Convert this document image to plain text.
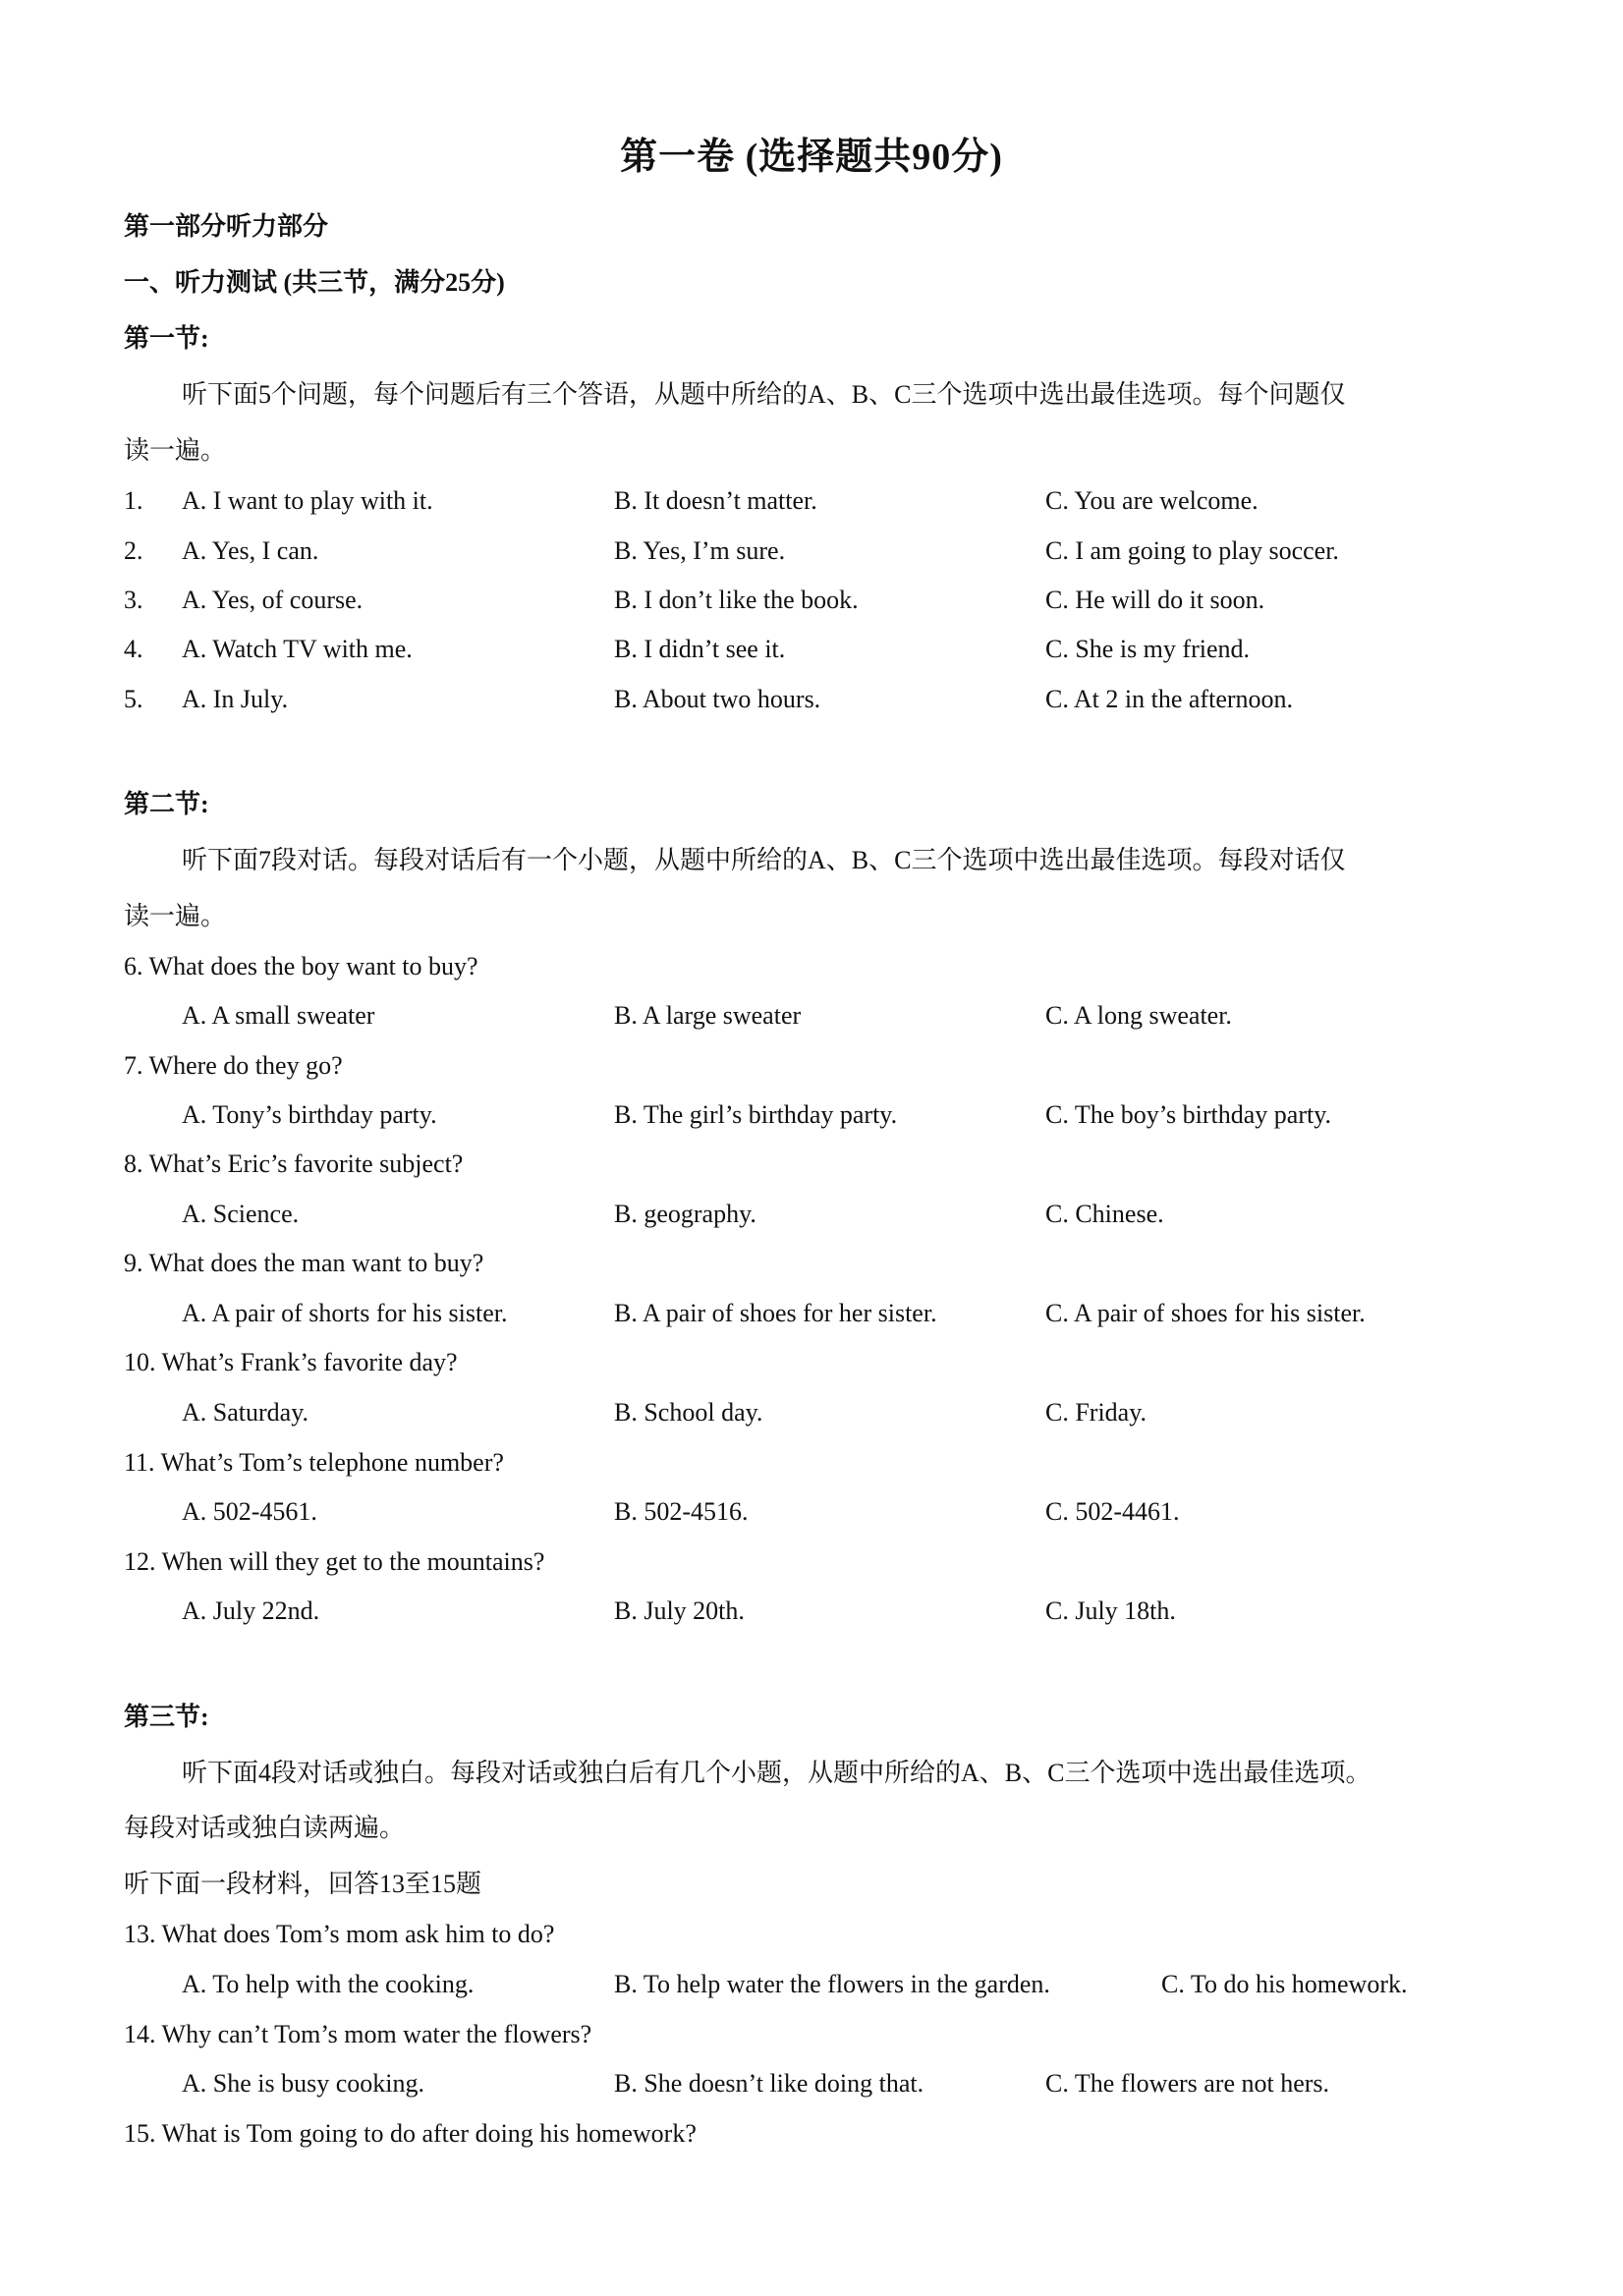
第一卷 (选择题共90分)
第一部分听力部分
一、听力测试 (共三节，满分25分)
第一节:
听下面5个问题，每个问题后有三个答语，从题中所给的A、B、C三个选项中选出最佳选项。每个问题仅
读一遍。
1. A. I want to play with it.	B. It doesn’t matter.	C. You are welcome.
2. A. Yes, I can.	B. Yes, I’m sure.	C. I am going to play soccer.
3. A. Yes, of course.	B. I don’t like the book.	C. He will do it soon.
4. A. Watch TV with me.	B. I didn’t see it.	C. She is my friend.
5. A. In July.	B. About two hours.	C. At 2 in the afternoon.
第二节:
听下面7段对话。每段对话后有一个小题，从题中所给的A、B、C三个选项中选出最佳选项。每段对话仅
读一遍。
6. What does the boy want to buy?
A. A small sweater	B. A large sweater	C. A long sweater.
7. Where do they go?
A. Tony’s birthday party.	B. The girl’s birthday party.	C. The boy’s birthday party.
8. What’s Eric’s favorite subject?
A. Science.	B. geography.	C. Chinese.
9. What does the man want to buy?
A. A pair of shorts for his sister.	B. A pair of shoes for her sister.	C. A pair of shoes for his sister.
10. What’s Frank’s favorite day?
A. Saturday.	B. School day.	C. Friday.
11. What’s Tom’s telephone number?
A. 502-4561.	B. 502-4516.	C. 502-4461.
12. When will they get to the mountains?
A. July 22nd.	B. July 20th.	C. July 18th.
第三节:
听下面4段对话或独白。每段对话或独白后有几个小题，从题中所给的A、B、C三个选项中选出最佳选项。
每段对话或独白读两遍。
听下面一段材料，回答13至15题
13. What does Tom’s mom ask him to do?
A. To help with the cooking.	B. To help water the flowers in the garden.	C. To do his homework.
14. Why can’t Tom’s mom water the flowers?
A. She is busy cooking.	B. She doesn’t like doing that.	C. The flowers are not hers.
15. What is Tom going to do after doing his homework?
